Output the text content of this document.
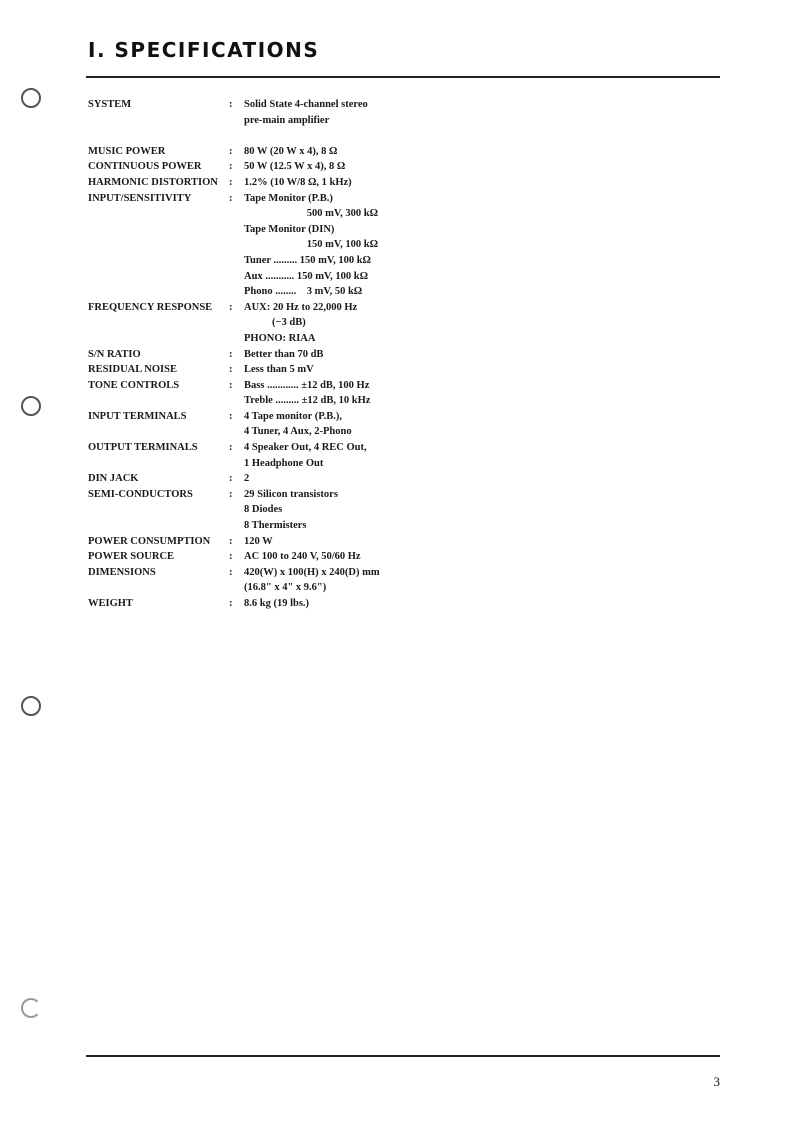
I. SPECIFICATIONS
SYSTEM	:	Solid State 4-channel stereo
pre-main amplifier
MUSIC POWER	:	80 W (20 W x 4), 8 Ω
CONTINUOUS POWER	:	50 W (12.5 W x 4), 8 Ω
HARMONIC DISTORTION	:	1.2% (10 W/8 Ω, 1 kHz)
INPUT/SENSITIVITY	:	Tape Monitor (P.B.)
500 mV, 300 kΩ
Tape Monitor (DIN)
150 mV, 100 kΩ
Tuner ......... 150 mV, 100 kΩ
Aux ........... 150 mV, 100 kΩ
Phono ........ 3 mV, 50 kΩ
FREQUENCY RESPONSE	:	AUX: 20 Hz to 22,000 Hz
(−3 dB)
PHONO: RIAA
S/N RATIO	:	Better than 70 dB
RESIDUAL NOISE	:	Less than 5 mV
TONE CONTROLS	:	Bass ............ ±12 dB, 100 Hz
Treble ......... ±12 dB, 10 kHz
INPUT TERMINALS	:	4 Tape monitor (P.B.),
4 Tuner, 4 Aux, 2-Phono
OUTPUT TERMINALS	:	4 Speaker Out, 4 REC Out,
1 Headphone Out
DIN JACK	:	2
SEMI-CONDUCTORS	:	29 Silicon transistors
8 Diodes
8 Thermisters
POWER CONSUMPTION	:	120 W
POWER SOURCE	:	AC 100 to 240 V, 50/60 Hz
DIMENSIONS	:	420(W) x 100(H) x 240(D) mm
(16.8" x 4" x 9.6")
WEIGHT	:	8.6 kg (19 lbs.)
3
